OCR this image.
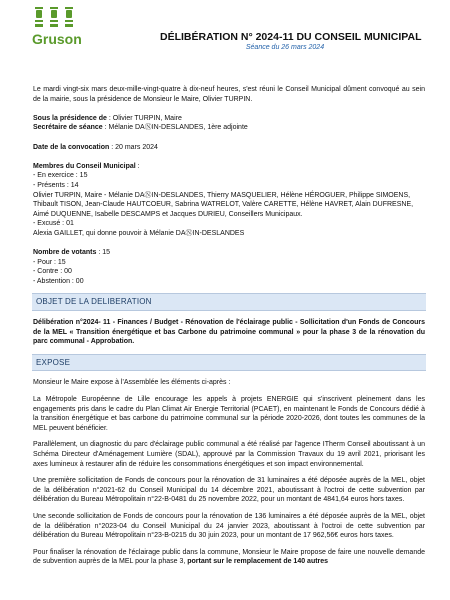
Gruson	DÉLIBÉRATION N° 2024-11 DU CONSEIL MUNICIPAL
Séance du 26 mars 2024

Le mardi vingt-six mars deux-mille-vingt-quatre à dix-neuf heures, s'est réuni le Conseil Municipal dûment convoqué au sein de la mairie, sous la présidence de Monsieur le Maire, Olivier TURPIN.

Sous la présidence de : Olivier TURPIN, Maire

Secrétaire de séance : Mélanie DAⓃIN-DESLANDES, 1ère adjointe

Date de la convocation : 20 mars 2024

Membres du Conseil Municipal :

- En exercice : 15

- Présents : 14

Olivier TURPIN, Maire - Mélanie DAⓃIN-DESLANDES, Thierry MASQUELIER, Hélène HÉROGUER, Philippe SIMOENS, Thibault TISON, Jean-Claude HAUTCOEUR, Sabrina WATRELOT, Valère CARETTE, Hélène HAVRET, Alain DUFRESNE, Aimé DUQUENNE, Isabelle DESCAMPS et Jacques DURIEU, Conseillers Municipaux.

- Excusé : 01

Alexia GAILLET, qui donne pouvoir à Mélanie DAⓃIN-DESLANDES

Nombre de votants : 15

- Pour : 15

- Contre : 00

- Abstention : 00

OBJET DE LA DELIBERATION

Délibération n°2024- 11 - Finances / Budget - Rénovation de l'éclairage public - Sollicitation d'un Fonds de Concours de la MEL « Transition énergétique et bas Carbone du patrimoine communal » pour la phase 3 de la rénovation du parc communal - Approbation.

EXPOSE

Monsieur le Maire expose à l'Assemblée les éléments ci-après :

La Métropole Européenne de Lille encourage les appels à projets ENERGIE qui s'inscrivent pleinement dans les engagements pris dans le cadre du Plan Climat Air Energie Territorial (PCAET), en maintenant le Fonds de Concours dédié à la transition énergétique et bas carbone du patrimoine communal sur la période 2020-2026, dont toutes les communes de la MEL peuvent bénéficier.

Parallèlement, un diagnostic du parc d'éclairage public communal a été réalisé par l'agence ITherm Conseil aboutissant à un Schéma Directeur d'Aménagement Lumière (SDAL), approuvé par la Commission Travaux du 19 avril 2021, priorisant les axes lumineux à restaurer afin de réduire les consommations énergétiques et son impact environnemental.

Une première sollicitation de Fonds de concours pour la rénovation de 31 luminaires a été déposée auprès de la MEL, objet de la délibération n°2021-62 du Conseil Municipal du 14 décembre 2021, aboutissant à l'octroi de cette subvention par délibération du Bureau Métropolitain n°22-B-0481 du 25 novembre 2022, pour un montant de 4841,64 euros hors taxes.

Une seconde sollicitation de Fonds de concours pour la rénovation de 136 luminaires a été déposée auprès de la MEL, objet de la délibération n°2023-04 du Conseil Municipal du 24 janvier 2023, aboutissant à l'octroi de cette subvention par délibération du Bureau Métropolitain n°23-B-0215 du 30 juin 2023, pour un montant de 17 962,56€ euros hors taxes.

Pour finaliser la rénovation de l'éclairage public dans la commune, Monsieur le Maire propose de faire une nouvelle demande de subvention auprès de la MEL pour la phase 3, portant sur le remplacement de 140 autres
